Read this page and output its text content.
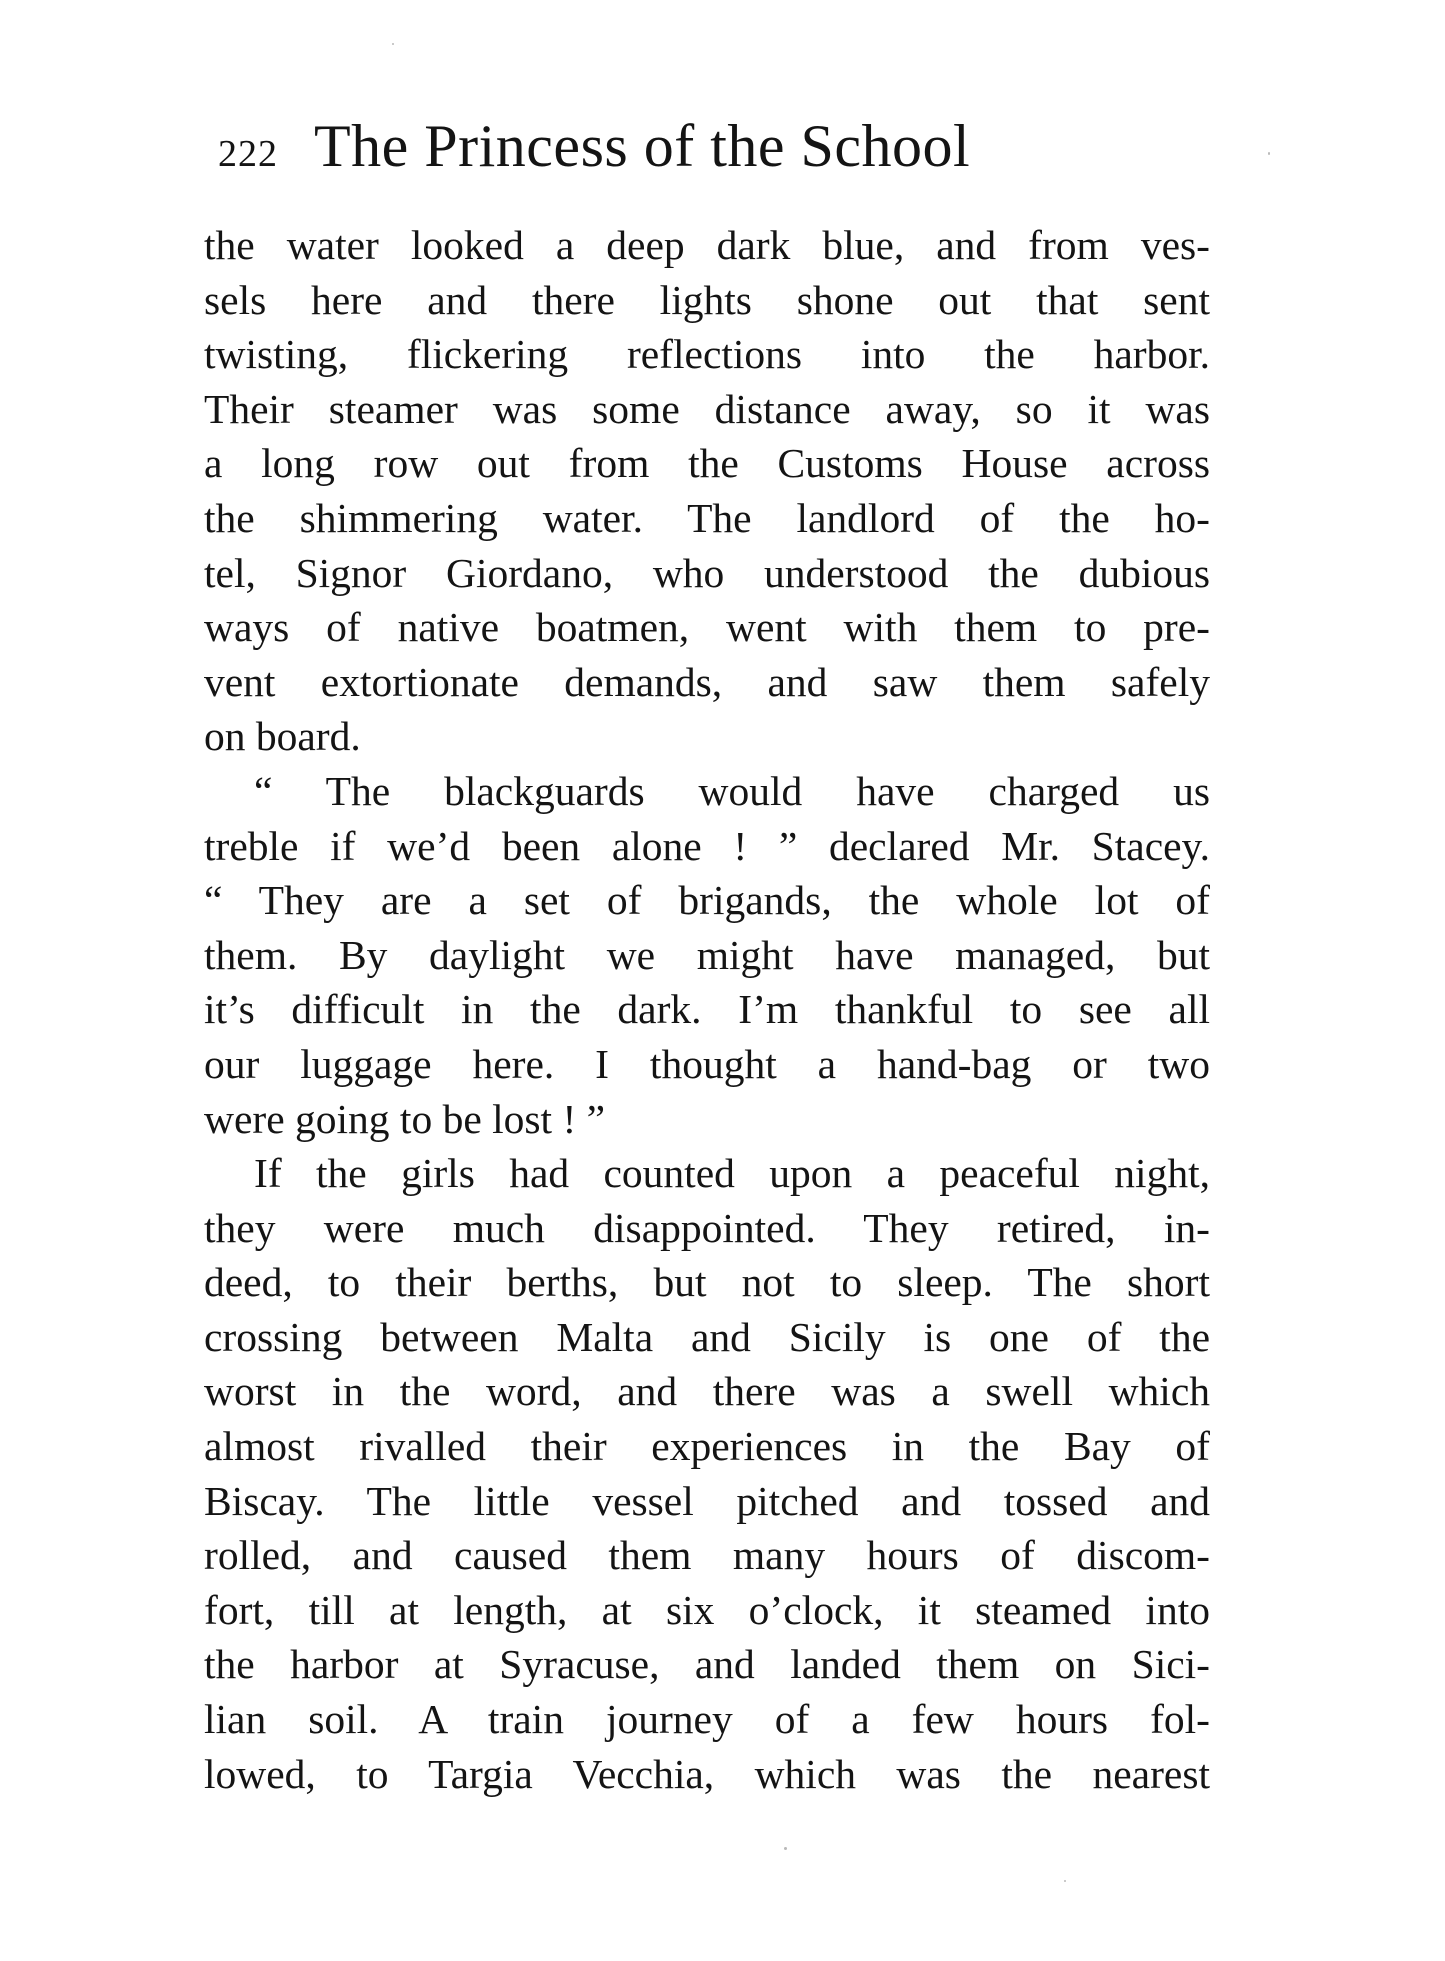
222 The Princess of the School
the water looked a deep dark blue, and from ves-
sels here and there lights shone out that sent
twisting, flickering reflections into the harbor.
Their steamer was some distance away, so it was
a long row out from the Customs House across
the shimmering water. The landlord of the ho-
tel, Signor Giordano, who understood the dubious
ways of native boatmen, went with them to pre-
vent extortionate demands, and saw them safely
on board.
“ The blackguards would have charged us
treble if we’d been alone ! ” declared Mr. Stacey.
“ They are a set of brigands, the whole lot of
them. By daylight we might have managed, but
it’s difficult in the dark. I’m thankful to see all
our luggage here. I thought a hand-bag or two
were going to be lost ! ”
If the girls had counted upon a peaceful night,
they were much disappointed. They retired, in-
deed, to their berths, but not to sleep. The short
crossing between Malta and Sicily is one of the
worst in the word, and there was a swell which
almost rivalled their experiences in the Bay of
Biscay. The little vessel pitched and tossed and
rolled, and caused them many hours of discom-
fort, till at length, at six o’clock, it steamed into
the harbor at Syracuse, and landed them on Sici-
lian soil. A train journey of a few hours fol-
lowed, to Targia Vecchia, which was the nearest
